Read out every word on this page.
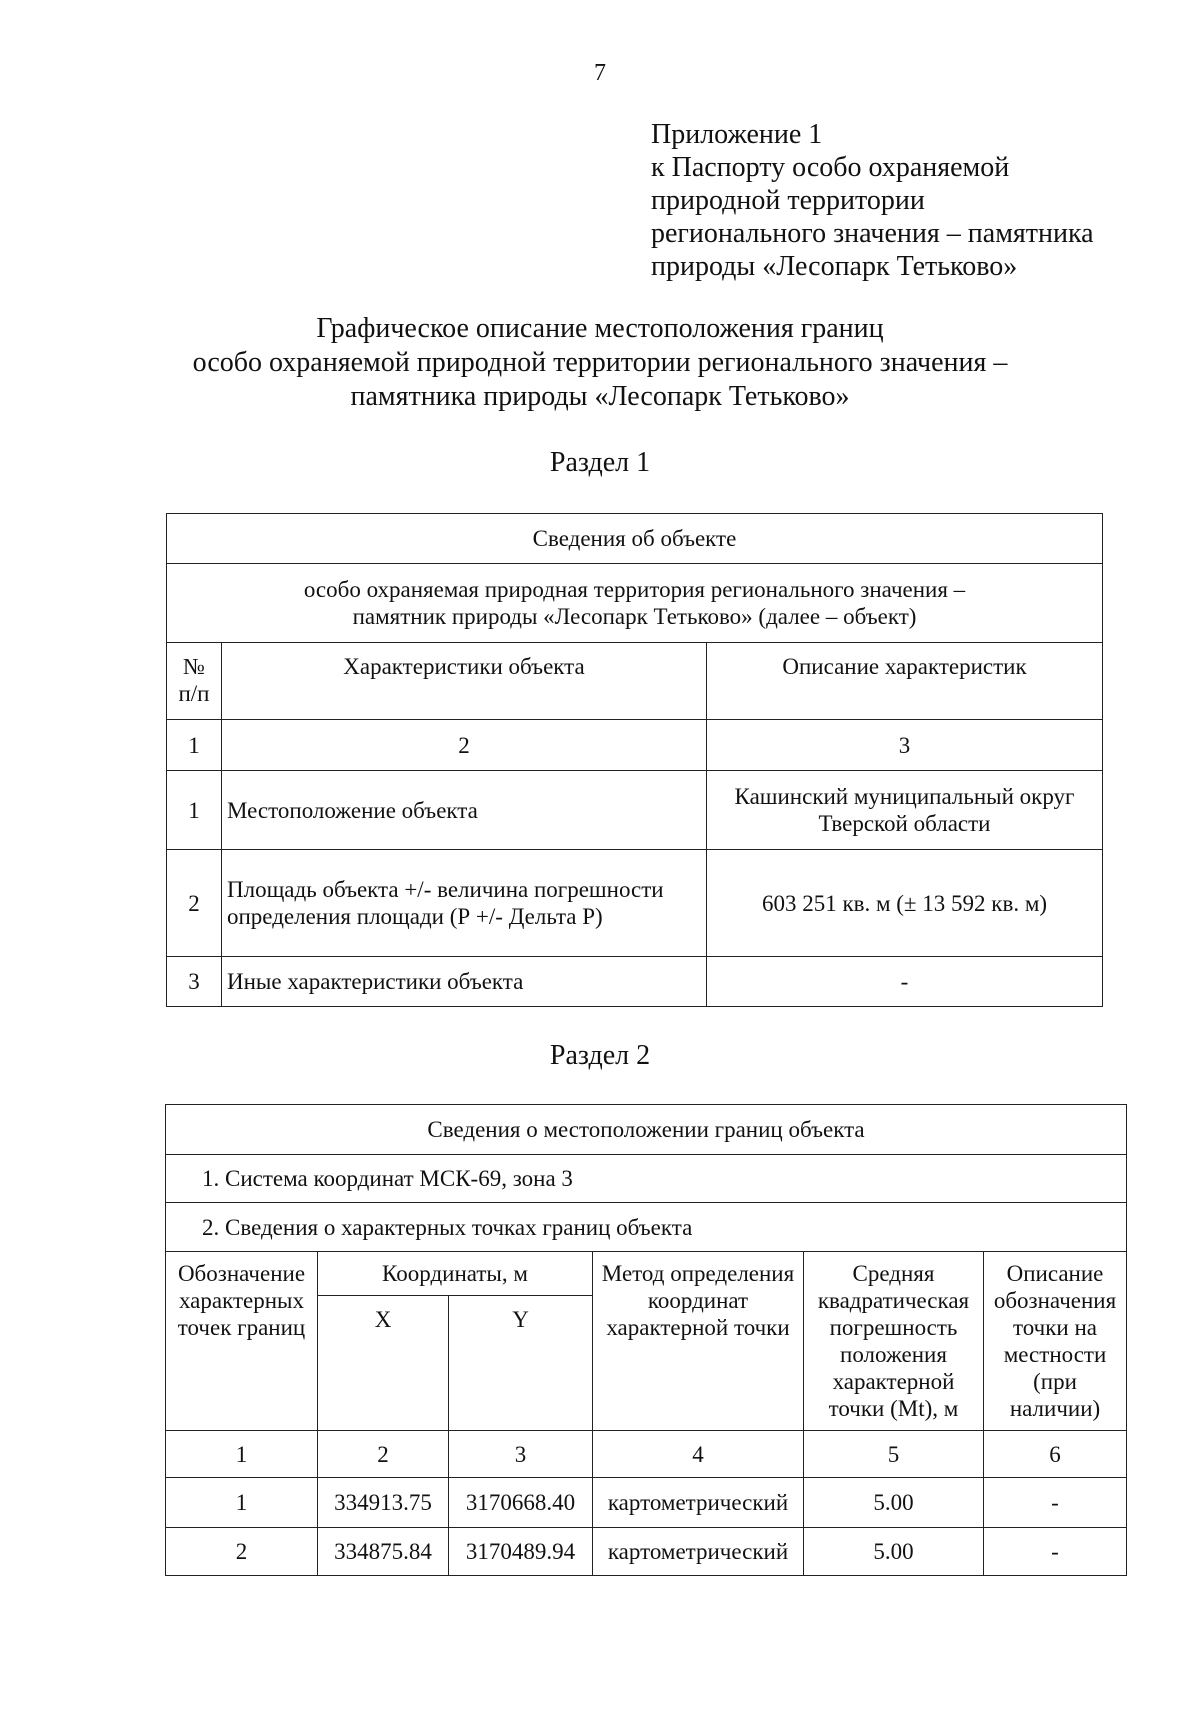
7
Приложение 1
к Паспорту особо охраняемой
природной территории
регионального значения – памятника
природы «Лесопарк Тетьково»
Графическое описание местоположения границ
особо охраняемой природной территории регионального значения –
памятника природы «Лесопарк Тетьково»
Раздел 1
Сведения об объекте		

особо охраняемая природная территория регионального значения –
памятник природы «Лесопарк Тетьково» (далее – объект)		

№ п/п	Характеристики объекта	Описание характеристик
1	2	3
1	Местоположение объекта	Кашинский муниципальный округ Тверской области
2	Площадь объекта +/- величина погрешности определения площади (Р +/- Дельта Р)	603 251 кв. м (± 13 592 кв. м)
3	Иные характеристики объекта	-
Раздел 2
Сведения о местоположении границ объекта					
1. Система координат МСК-69, зона 3					
2. Сведения о характерных точках границ объекта					
Обозначение характерных точек границ	Координаты, м		Метод определения координат характерной точки	Средняя квадратическая погрешность положения характерной точки (Mt), м	Описание обозначения точки на местности (при наличии)
	X	Y			
1	2	3	4	5	6
1	334913.75	3170668.40	картометрический	5.00	-
2	334875.84	3170489.94	картометрический	5.00	-
